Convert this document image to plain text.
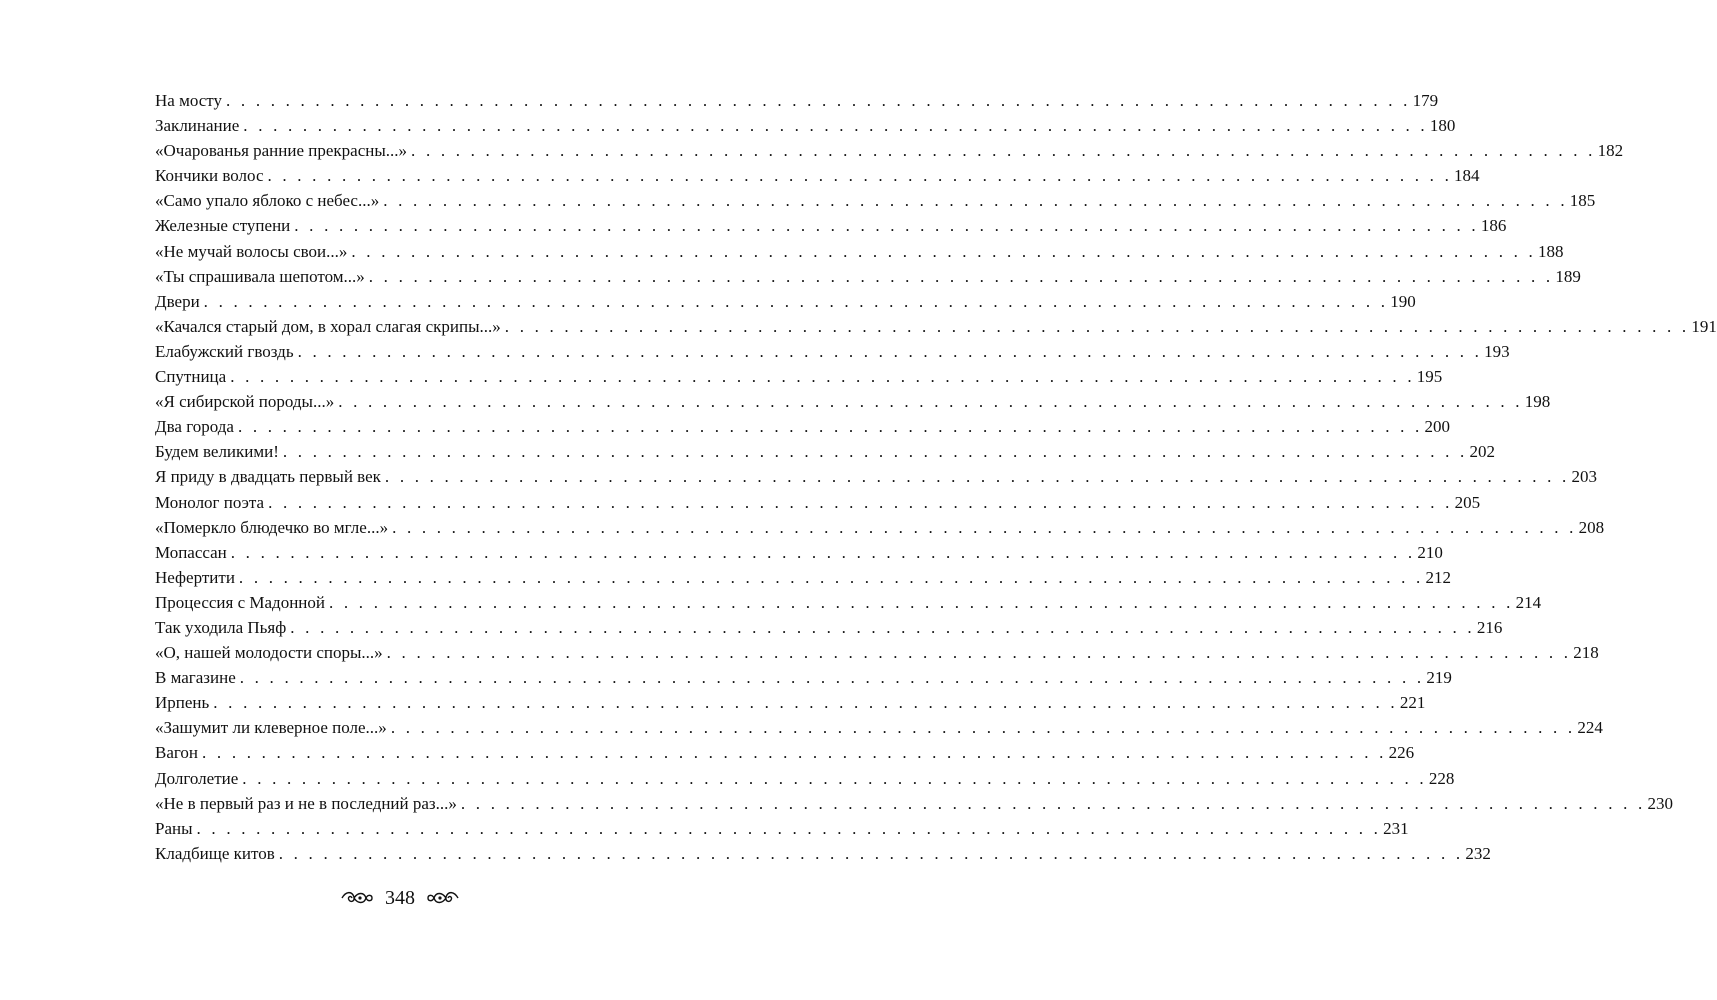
На мосту . . . . . . . . . . . . . . . . . . . . . . . . . . . . . . . . . . . . . . . . . . . . . . . . . . . . . . . . . . . . . . . . . . . . . . . . . . . . . . . . 179
Заклинание . . . . . . . . . . . . . . . . . . . . . . . . . . . . . . . . . . . . . . . . . . . . . . . . . . . . . . . . . . . . . . . . . . . . . . . . . . . . . . . . 180
«Очарованья ранние прекрасны...» . . . . . . . . . . . . . . . . . . . . . . . . . . . . . . . . . . . . . . . . . . . . . . . . . . . . . . . . . . . . . . . . . . . . . . . . . . . . . . . . 182
Кончики волос . . . . . . . . . . . . . . . . . . . . . . . . . . . . . . . . . . . . . . . . . . . . . . . . . . . . . . . . . . . . . . . . . . . . . . . . . . . . . . . . 184
«Само упало яблоко с небес...» . . . . . . . . . . . . . . . . . . . . . . . . . . . . . . . . . . . . . . . . . . . . . . . . . . . . . . . . . . . . . . . . . . . . . . . . . . . . . . . . 185
Железные ступени . . . . . . . . . . . . . . . . . . . . . . . . . . . . . . . . . . . . . . . . . . . . . . . . . . . . . . . . . . . . . . . . . . . . . . . . . . . . . . . . 186
«Не мучай волосы свои...» . . . . . . . . . . . . . . . . . . . . . . . . . . . . . . . . . . . . . . . . . . . . . . . . . . . . . . . . . . . . . . . . . . . . . . . . . . . . . . . . 188
«Ты спрашивала шепотом...» . . . . . . . . . . . . . . . . . . . . . . . . . . . . . . . . . . . . . . . . . . . . . . . . . . . . . . . . . . . . . . . . . . . . . . . . . . . . . . . . 189
Двери . . . . . . . . . . . . . . . . . . . . . . . . . . . . . . . . . . . . . . . . . . . . . . . . . . . . . . . . . . . . . . . . . . . . . . . . . . . . . . . . 190
«Качался старый дом, в хорал слагая скрипы...» . . . . . . . . . . . . . . . . . . . . . . . . . . . . . . . . . . . . . . . . . . . . . . . . . . . . . . . . . . . . . . . . . . . . . . . . . . . . . . . . 191
Елабужский гвоздь . . . . . . . . . . . . . . . . . . . . . . . . . . . . . . . . . . . . . . . . . . . . . . . . . . . . . . . . . . . . . . . . . . . . . . . . . . . . . . . . 193
Спутница . . . . . . . . . . . . . . . . . . . . . . . . . . . . . . . . . . . . . . . . . . . . . . . . . . . . . . . . . . . . . . . . . . . . . . . . . . . . . . . . 195
«Я сибирской породы...» . . . . . . . . . . . . . . . . . . . . . . . . . . . . . . . . . . . . . . . . . . . . . . . . . . . . . . . . . . . . . . . . . . . . . . . . . . . . . . . . 198
Два города . . . . . . . . . . . . . . . . . . . . . . . . . . . . . . . . . . . . . . . . . . . . . . . . . . . . . . . . . . . . . . . . . . . . . . . . . . . . . . . . 200
Будем великими! . . . . . . . . . . . . . . . . . . . . . . . . . . . . . . . . . . . . . . . . . . . . . . . . . . . . . . . . . . . . . . . . . . . . . . . . . . . . . . . . 202
Я приду в двадцать первый век . . . . . . . . . . . . . . . . . . . . . . . . . . . . . . . . . . . . . . . . . . . . . . . . . . . . . . . . . . . . . . . . . . . . . . . . . . . . . . . . 203
Монолог поэта . . . . . . . . . . . . . . . . . . . . . . . . . . . . . . . . . . . . . . . . . . . . . . . . . . . . . . . . . . . . . . . . . . . . . . . . . . . . . . . . 205
«Померкло блюдечко во мгле...» . . . . . . . . . . . . . . . . . . . . . . . . . . . . . . . . . . . . . . . . . . . . . . . . . . . . . . . . . . . . . . . . . . . . . . . . . . . . . . . . 208
Мопассан . . . . . . . . . . . . . . . . . . . . . . . . . . . . . . . . . . . . . . . . . . . . . . . . . . . . . . . . . . . . . . . . . . . . . . . . . . . . . . . . 210
Нефертити . . . . . . . . . . . . . . . . . . . . . . . . . . . . . . . . . . . . . . . . . . . . . . . . . . . . . . . . . . . . . . . . . . . . . . . . . . . . . . . . 212
Процессия с Мадонной . . . . . . . . . . . . . . . . . . . . . . . . . . . . . . . . . . . . . . . . . . . . . . . . . . . . . . . . . . . . . . . . . . . . . . . . . . . . . . . . 214
Так уходила Пьяф . . . . . . . . . . . . . . . . . . . . . . . . . . . . . . . . . . . . . . . . . . . . . . . . . . . . . . . . . . . . . . . . . . . . . . . . . . . . . . . . 216
«О, нашей молодости споры...» . . . . . . . . . . . . . . . . . . . . . . . . . . . . . . . . . . . . . . . . . . . . . . . . . . . . . . . . . . . . . . . . . . . . . . . . . . . . . . . . 218
В магазине . . . . . . . . . . . . . . . . . . . . . . . . . . . . . . . . . . . . . . . . . . . . . . . . . . . . . . . . . . . . . . . . . . . . . . . . . . . . . . . . 219
Ирпень . . . . . . . . . . . . . . . . . . . . . . . . . . . . . . . . . . . . . . . . . . . . . . . . . . . . . . . . . . . . . . . . . . . . . . . . . . . . . . . . 221
«Зашумит ли клеверное поле...» . . . . . . . . . . . . . . . . . . . . . . . . . . . . . . . . . . . . . . . . . . . . . . . . . . . . . . . . . . . . . . . . . . . . . . . . . . . . . . . . 224
Вагон . . . . . . . . . . . . . . . . . . . . . . . . . . . . . . . . . . . . . . . . . . . . . . . . . . . . . . . . . . . . . . . . . . . . . . . . . . . . . . . . 226
Долголетие . . . . . . . . . . . . . . . . . . . . . . . . . . . . . . . . . . . . . . . . . . . . . . . . . . . . . . . . . . . . . . . . . . . . . . . . . . . . . . . . 228
«Не в первый раз и не в последний раз...» . . . . . . . . . . . . . . . . . . . . . . . . . . . . . . . . . . . . . . . . . . . . . . . . . . . . . . . . . . . . . . . . . . . . . . . . . . . . . . . . 230
Раны . . . . . . . . . . . . . . . . . . . . . . . . . . . . . . . . . . . . . . . . . . . . . . . . . . . . . . . . . . . . . . . . . . . . . . . . . . . . . . . . 231
Кладбище китов . . . . . . . . . . . . . . . . . . . . . . . . . . . . . . . . . . . . . . . . . . . . . . . . . . . . . . . . . . . . . . . . . . . . . . . . . . . . . . . . 232
348
